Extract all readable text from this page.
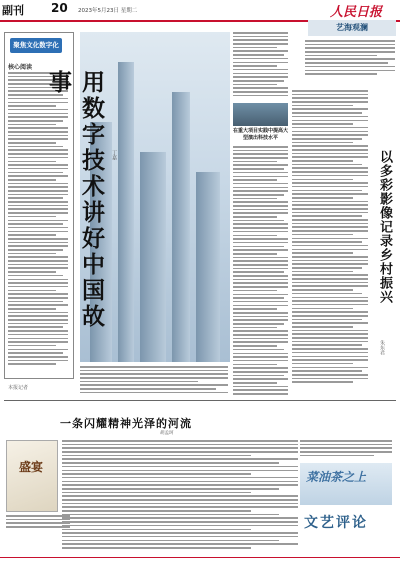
副刊 20 2023年5月23日 星期二	人民日报
聚焦文化数字化
核心阅读
本报记者
用数字技术讲好中国故事
丁嘉
在重大项目实践中提高大型演出科技水平
艺海观澜
以多彩影像记录乡村振兴
朱东君
一条闪耀精神光泽的河流
胡孟珂
盛宴
菜油茶之上
文艺评论
